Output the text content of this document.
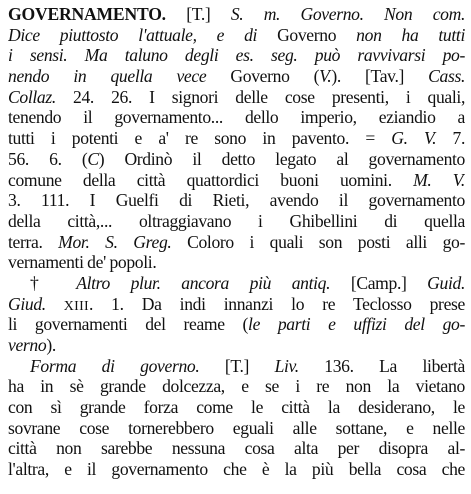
GOVERNAMENTO. [T.] S. m. Governo. Non com.
Dice piuttosto l'attuale, e di Governo non ha tutti
i sensi. Ma taluno degli es. seg. può ravvivarsi po-
nendo in quella vece Governo (V.). [Tav.] Cass.
Collaz. 24. 26. I signori delle cose presenti, i quali,
tenendo il governamento... dello imperio, eziandio a
tutti i potenti e a' re sono in pavento. = G. V. 7.
56. 6. (C) Ordinò il detto legato al governamento
comune della città quattordici buoni uomini. M. V.
3. 111. I Guelfi di Rieti, avendo il governamento
della città,... oltraggiavano i Ghibellini di quella
terra. Mor. S. Greg. Coloro i quali son posti alli go-
vernamenti de' popoli.
† Altro plur. ancora più antiq. [Camp.] Guid.
Giud. XIII. 1. Da indi innanzi lo re Teclosso prese
li governamenti del reame (le parti e uffizi del go-
verno).
Forma di governo. [T.] Liv. 136. La libertà
ha in sè grande dolcezza, e se i re non la vietano
con sì grande forza come le città la desiderano, le
sovrane cose tornerebbero eguali alle sottane, e nelle
città non sarebbe nessuna cosa alta per disopra al-
l'altra, e il governamento che è la più bella cosa che
